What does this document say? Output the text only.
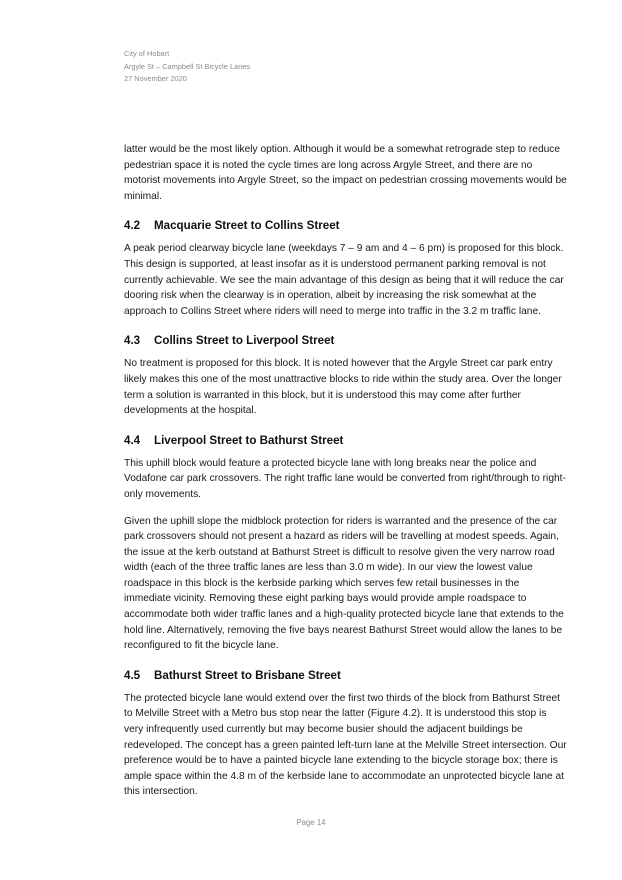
City of Hobart
Argyle St – Campbell St Bicycle Lanes
27 November 2020

latter would be the most likely option. Although it would be a somewhat retrograde step to reduce pedestrian space it is noted the cycle times are long across Argyle Street, and there are no motorist movements into Argyle Street, so the impact on pedestrian crossing movements would be minimal.

4.2	Macquarie Street to Collins Street

A peak period clearway bicycle lane (weekdays 7 – 9 am and 4 – 6 pm) is proposed for this block. This design is supported, at least insofar as it is understood permanent parking removal is not currently achievable. We see the main advantage of this design as being that it will reduce the car dooring risk when the clearway is in operation, albeit by increasing the risk somewhat at the approach to Collins Street where riders will need to merge into traffic in the 3.2 m traffic lane.

4.3	Collins Street to Liverpool Street

No treatment is proposed for this block. It is noted however that the Argyle Street car park entry likely makes this one of the most unattractive blocks to ride within the study area. Over the longer term a solution is warranted in this block, but it is understood this may come after further developments at the hospital.

4.4	Liverpool Street to Bathurst Street

This uphill block would feature a protected bicycle lane with long breaks near the police and Vodafone car park crossovers. The right traffic lane would be converted from right/through to right-only movements.

Given the uphill slope the midblock protection for riders is warranted and the presence of the car park crossovers should not present a hazard as riders will be travelling at modest speeds. Again, the issue at the kerb outstand at Bathurst Street is difficult to resolve given the very narrow road width (each of the three traffic lanes are less than 3.0 m wide). In our view the lowest value roadspace in this block is the kerbside parking which serves few retail businesses in the immediate vicinity. Removing these eight parking bays would provide ample roadspace to accommodate both wider traffic lanes and a high-quality protected bicycle lane that extends to the hold line. Alternatively, removing the five bays nearest Bathurst Street would allow the lanes to be reconfigured to fit the bicycle lane.

4.5	Bathurst Street to Brisbane Street

The protected bicycle lane would extend over the first two thirds of the block from Bathurst Street to Melville Street with a Metro bus stop near the latter (Figure 4.2). It is understood this stop is very infrequently used currently but may become busier should the adjacent buildings be redeveloped. The concept has a green painted left-turn lane at the Melville Street intersection. Our preference would be to have a painted bicycle lane extending to the bicycle storage box; there is ample space within the 4.8 m of the kerbside lane to accommodate an unprotected bicycle lane at this intersection.

Page 14
